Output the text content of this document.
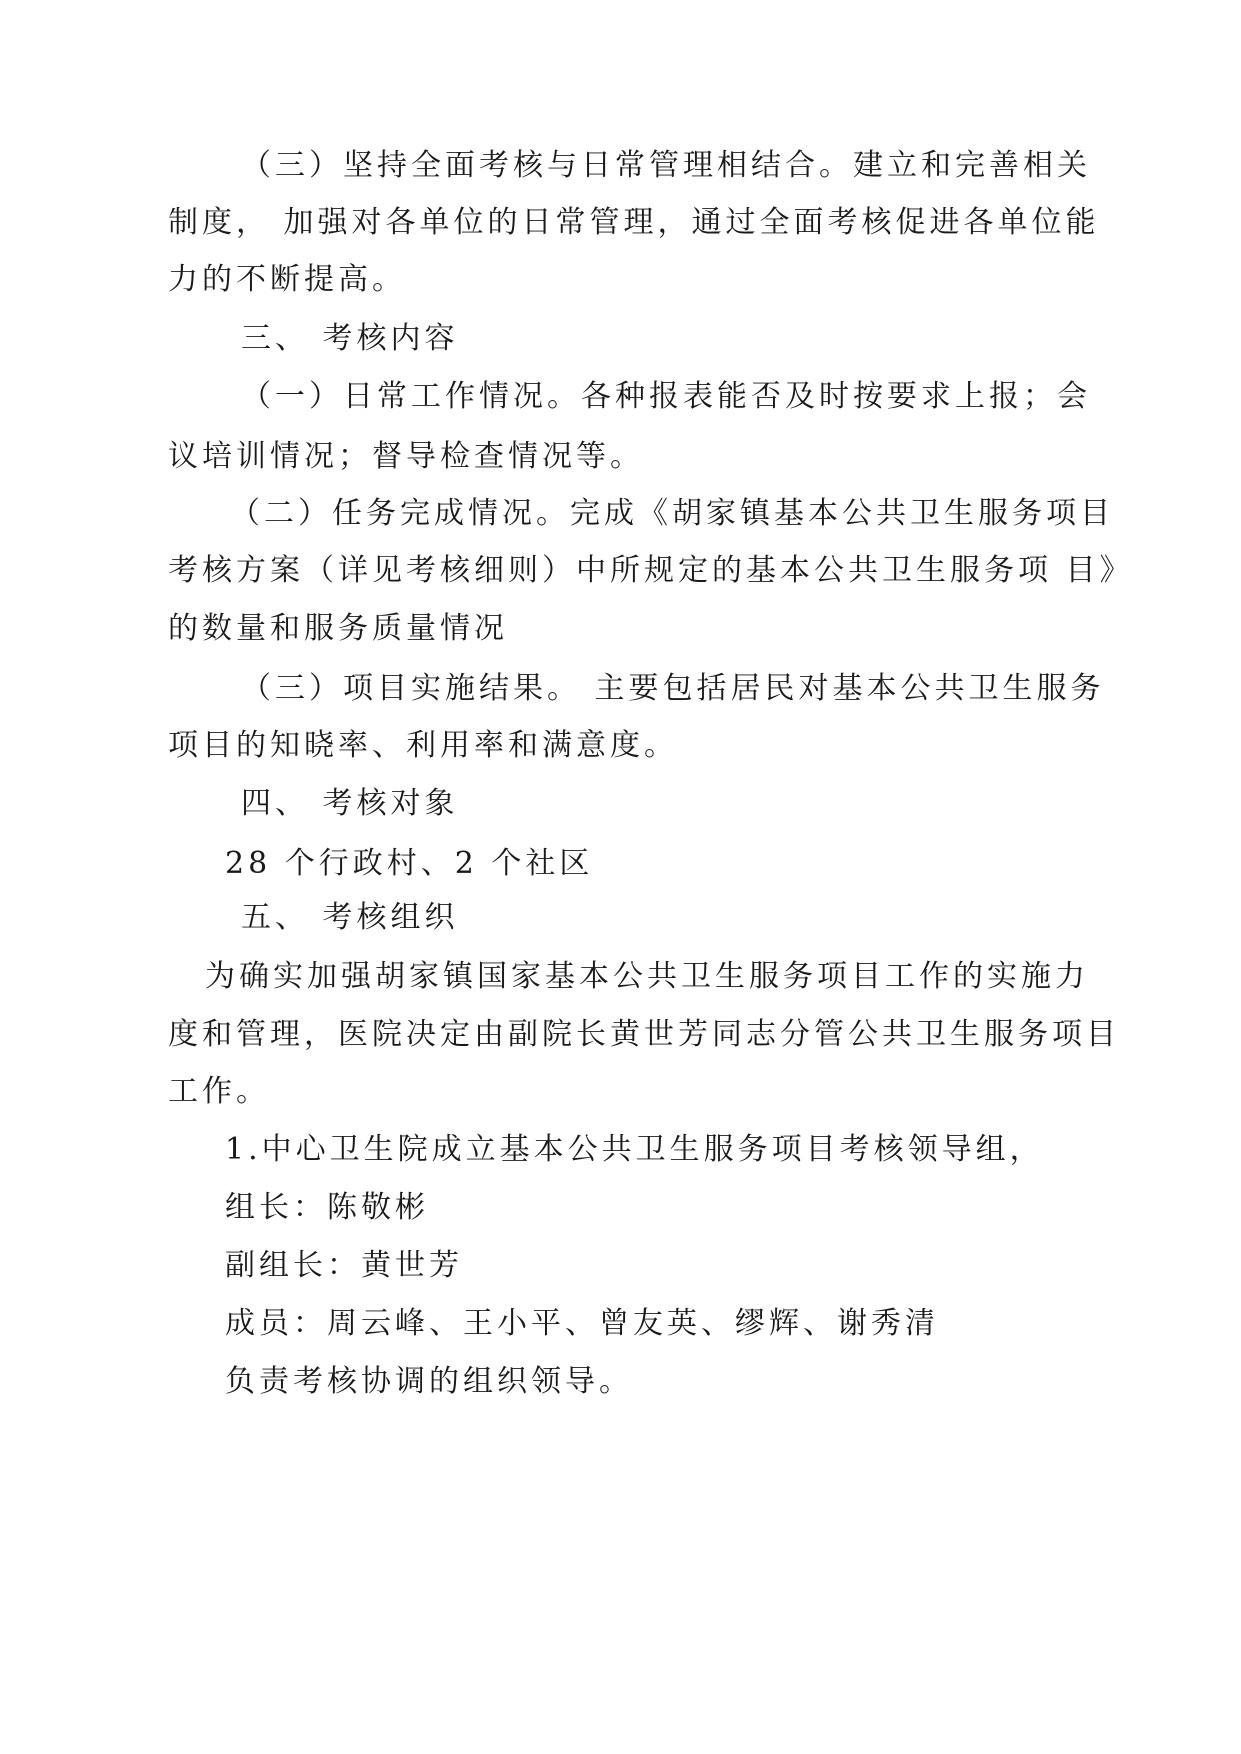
（三）坚持全面考核与日常管理相结合。建立和完善相关
制度， 加强对各单位的日常管理，通过全面考核促进各单位能
力的不断提高。
三、 考核内容
（一）日常工作情况。各种报表能否及时按要求上报；会
议培训情况；督导检查情况等。
（二）任务完成情况。完成《胡家镇基本公共卫生服务项目
考核方案（详见考核细则）中所规定的基本公共卫生服务项 目》
的数量和服务质量情况
（三）项目实施结果。 主要包括居民对基本公共卫生服务
项目的知晓率、利用率和满意度。
四、 考核对象
28 个行政村、2 个社区
五、 考核组织
为确实加强胡家镇国家基本公共卫生服务项目工作的实施力
度和管理，医院决定由副院长黄世芳同志分管公共卫生服务项目
工作。
1.中心卫生院成立基本公共卫生服务项目考核领导组，
组长：陈敬彬
副组长：黄世芳
成员：周云峰、王小平、曾友英、缪辉、谢秀清
负责考核协调的组织领导。
